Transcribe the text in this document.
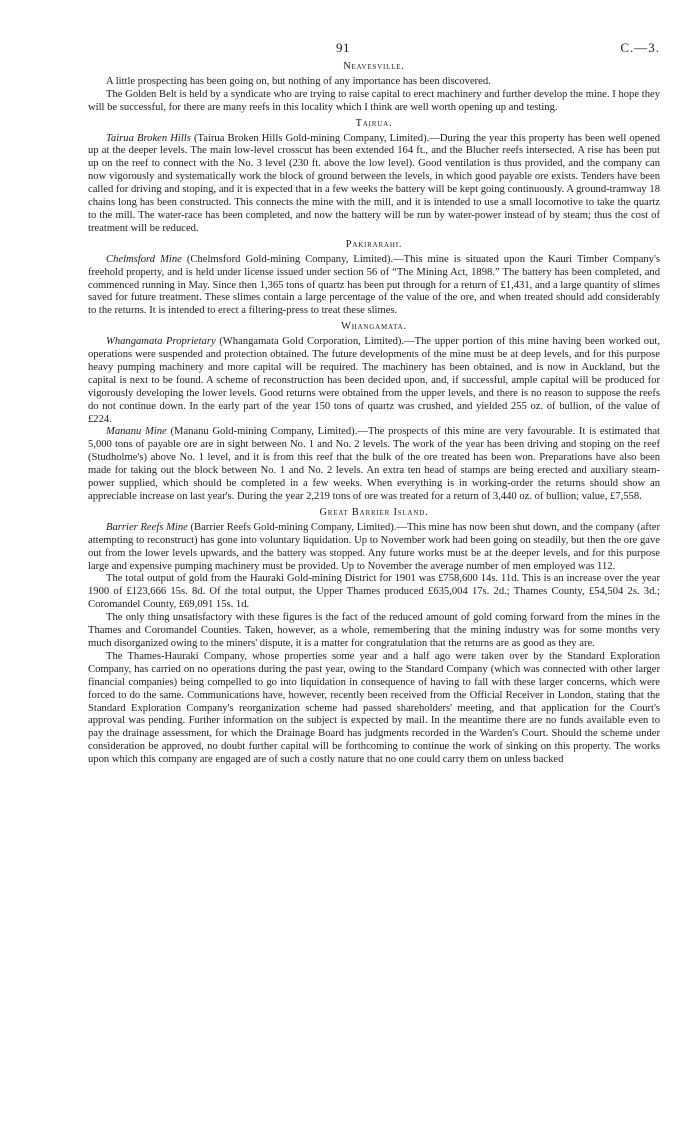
91	C.—3.
Neavesville.

A little prospecting has been going on, but nothing of any importance has been discovered.

The Golden Belt is held by a syndicate who are trying to raise capital to erect machinery and further develop the mine. I hope they will be successful, for there are many reefs in this locality which I think are well worth opening up and testing.

Tairua.

Tairua Broken Hills (Tairua Broken Hills Gold-mining Company, Limited).—During the year this property has been well opened up at the deeper levels. The main low-level crosscut has been extended 164 ft., and the Blucher reefs intersected. A rise has been put up on the reef to connect with the No. 3 level (230 ft. above the low level). Good ventilation is thus provided, and the company can now vigorously and systematically work the block of ground between the levels, in which good payable ore exists. Tenders have been called for driving and stoping, and it is expected that in a few weeks the battery will be kept going continuously. A ground-tramway 18 chains long has been constructed. This connects the mine with the mill, and it is intended to use a small locomotive to take the quartz to the mill. The water-race has been completed, and now the battery will be run by water-power instead of by steam; thus the cost of treatment will be reduced.

Pakirarahi.

Chelmsford Mine (Chelmsford Gold-mining Company, Limited).—This mine is situated upon the Kauri Timber Company's freehold property, and is held under license issued under section 56 of “The Mining Act, 1898.” The battery has been completed, and commenced running in May. Since then 1,365 tons of quartz has been put through for a return of £1,431, and a large quantity of slimes saved for future treatment. These slimes contain a large percentage of the value of the ore, and when treated should add considerably to the returns. It is intended to erect a filtering-press to treat these slimes.

Whangamata.

Whangamata Proprietary (Whangamata Gold Corporation, Limited).—The upper portion of this mine having been worked out, operations were suspended and protection obtained. The future developments of the mine must be at deep levels, and for this purpose heavy pumping machinery and more capital will be required. The machinery has been obtained, and is now in Auckland, but the capital is next to be found. A scheme of reconstruction has been decided upon, and, if successful, ample capital will be produced for vigorously developing the lower levels. Good returns were obtained from the upper levels, and there is no reason to suppose the reefs do not continue down. In the early part of the year 150 tons of quartz was crushed, and yielded 255 oz. of bullion, of the value of £224.

Mananu Mine (Mananu Gold-mining Company, Limited).—The prospects of this mine are very favourable. It is estimated that 5,000 tons of payable ore are in sight between No. 1 and No. 2 levels. The work of the year has been driving and stoping on the reef (Studholme's) above No. 1 level, and it is from this reef that the bulk of the ore treated has been won. Preparations have also been made for taking out the block between No. 1 and No. 2 levels. An extra ten head of stamps are being erected and auxiliary steam-power supplied, which should be completed in a few weeks. When everything is in working-order the returns should show an appreciable increase on last year's. During the year 2,219 tons of ore was treated for a return of 3,440 oz. of bullion; value, £7,558.

Great Barrier Island.

Barrier Reefs Mine (Barrier Reefs Gold-mining Company, Limited).—This mine has now been shut down, and the company (after attempting to reconstruct) has gone into voluntary liquidation. Up to November work had been going on steadily, but then the ore gave out from the lower levels upwards, and the battery was stopped. Any future works must be at the deeper levels, and for this purpose large and expensive pumping machinery must be provided. Up to November the average number of men employed was 112.

The total output of gold from the Hauraki Gold-mining District for 1901 was £758,600 14s. 11d. This is an increase over the year 1900 of £123,666 15s. 8d. Of the total output, the Upper Thames produced £635,004 17s. 2d.; Thames County, £54,504 2s. 3d.; Coromandel County, £69,091 15s. 1d.

The only thing unsatisfactory with these figures is the fact of the reduced amount of gold coming forward from the mines in the Thames and Coromandel Counties. Taken, however, as a whole, remembering that the mining industry was for some months very much disorganized owing to the miners' dispute, it is a matter for congratulation that the returns are as good as they are.

The Thames-Hauraki Company, whose properties some year and a half ago were taken over by the Standard Exploration Company, has carried on no operations during the past year, owing to the Standard Company (which was connected with other larger financial companies) being compelled to go into liquidation in consequence of having to fall with these larger concerns, which were forced to do the same. Communications have, however, recently been received from the Official Receiver in London, stating that the Standard Exploration Company's reorganization scheme had passed shareholders' meeting, and that application for the Court's approval was pending. Further information on the subject is expected by mail. In the meantime there are no funds available even to pay the drainage assessment, for which the Drainage Board has judgments recorded in the Warden's Court. Should the scheme under consideration be approved, no doubt further capital will be forthcoming to continue the work of sinking on this property. The works upon which this company are engaged are of such a costly nature that no one could carry them on unless backed
